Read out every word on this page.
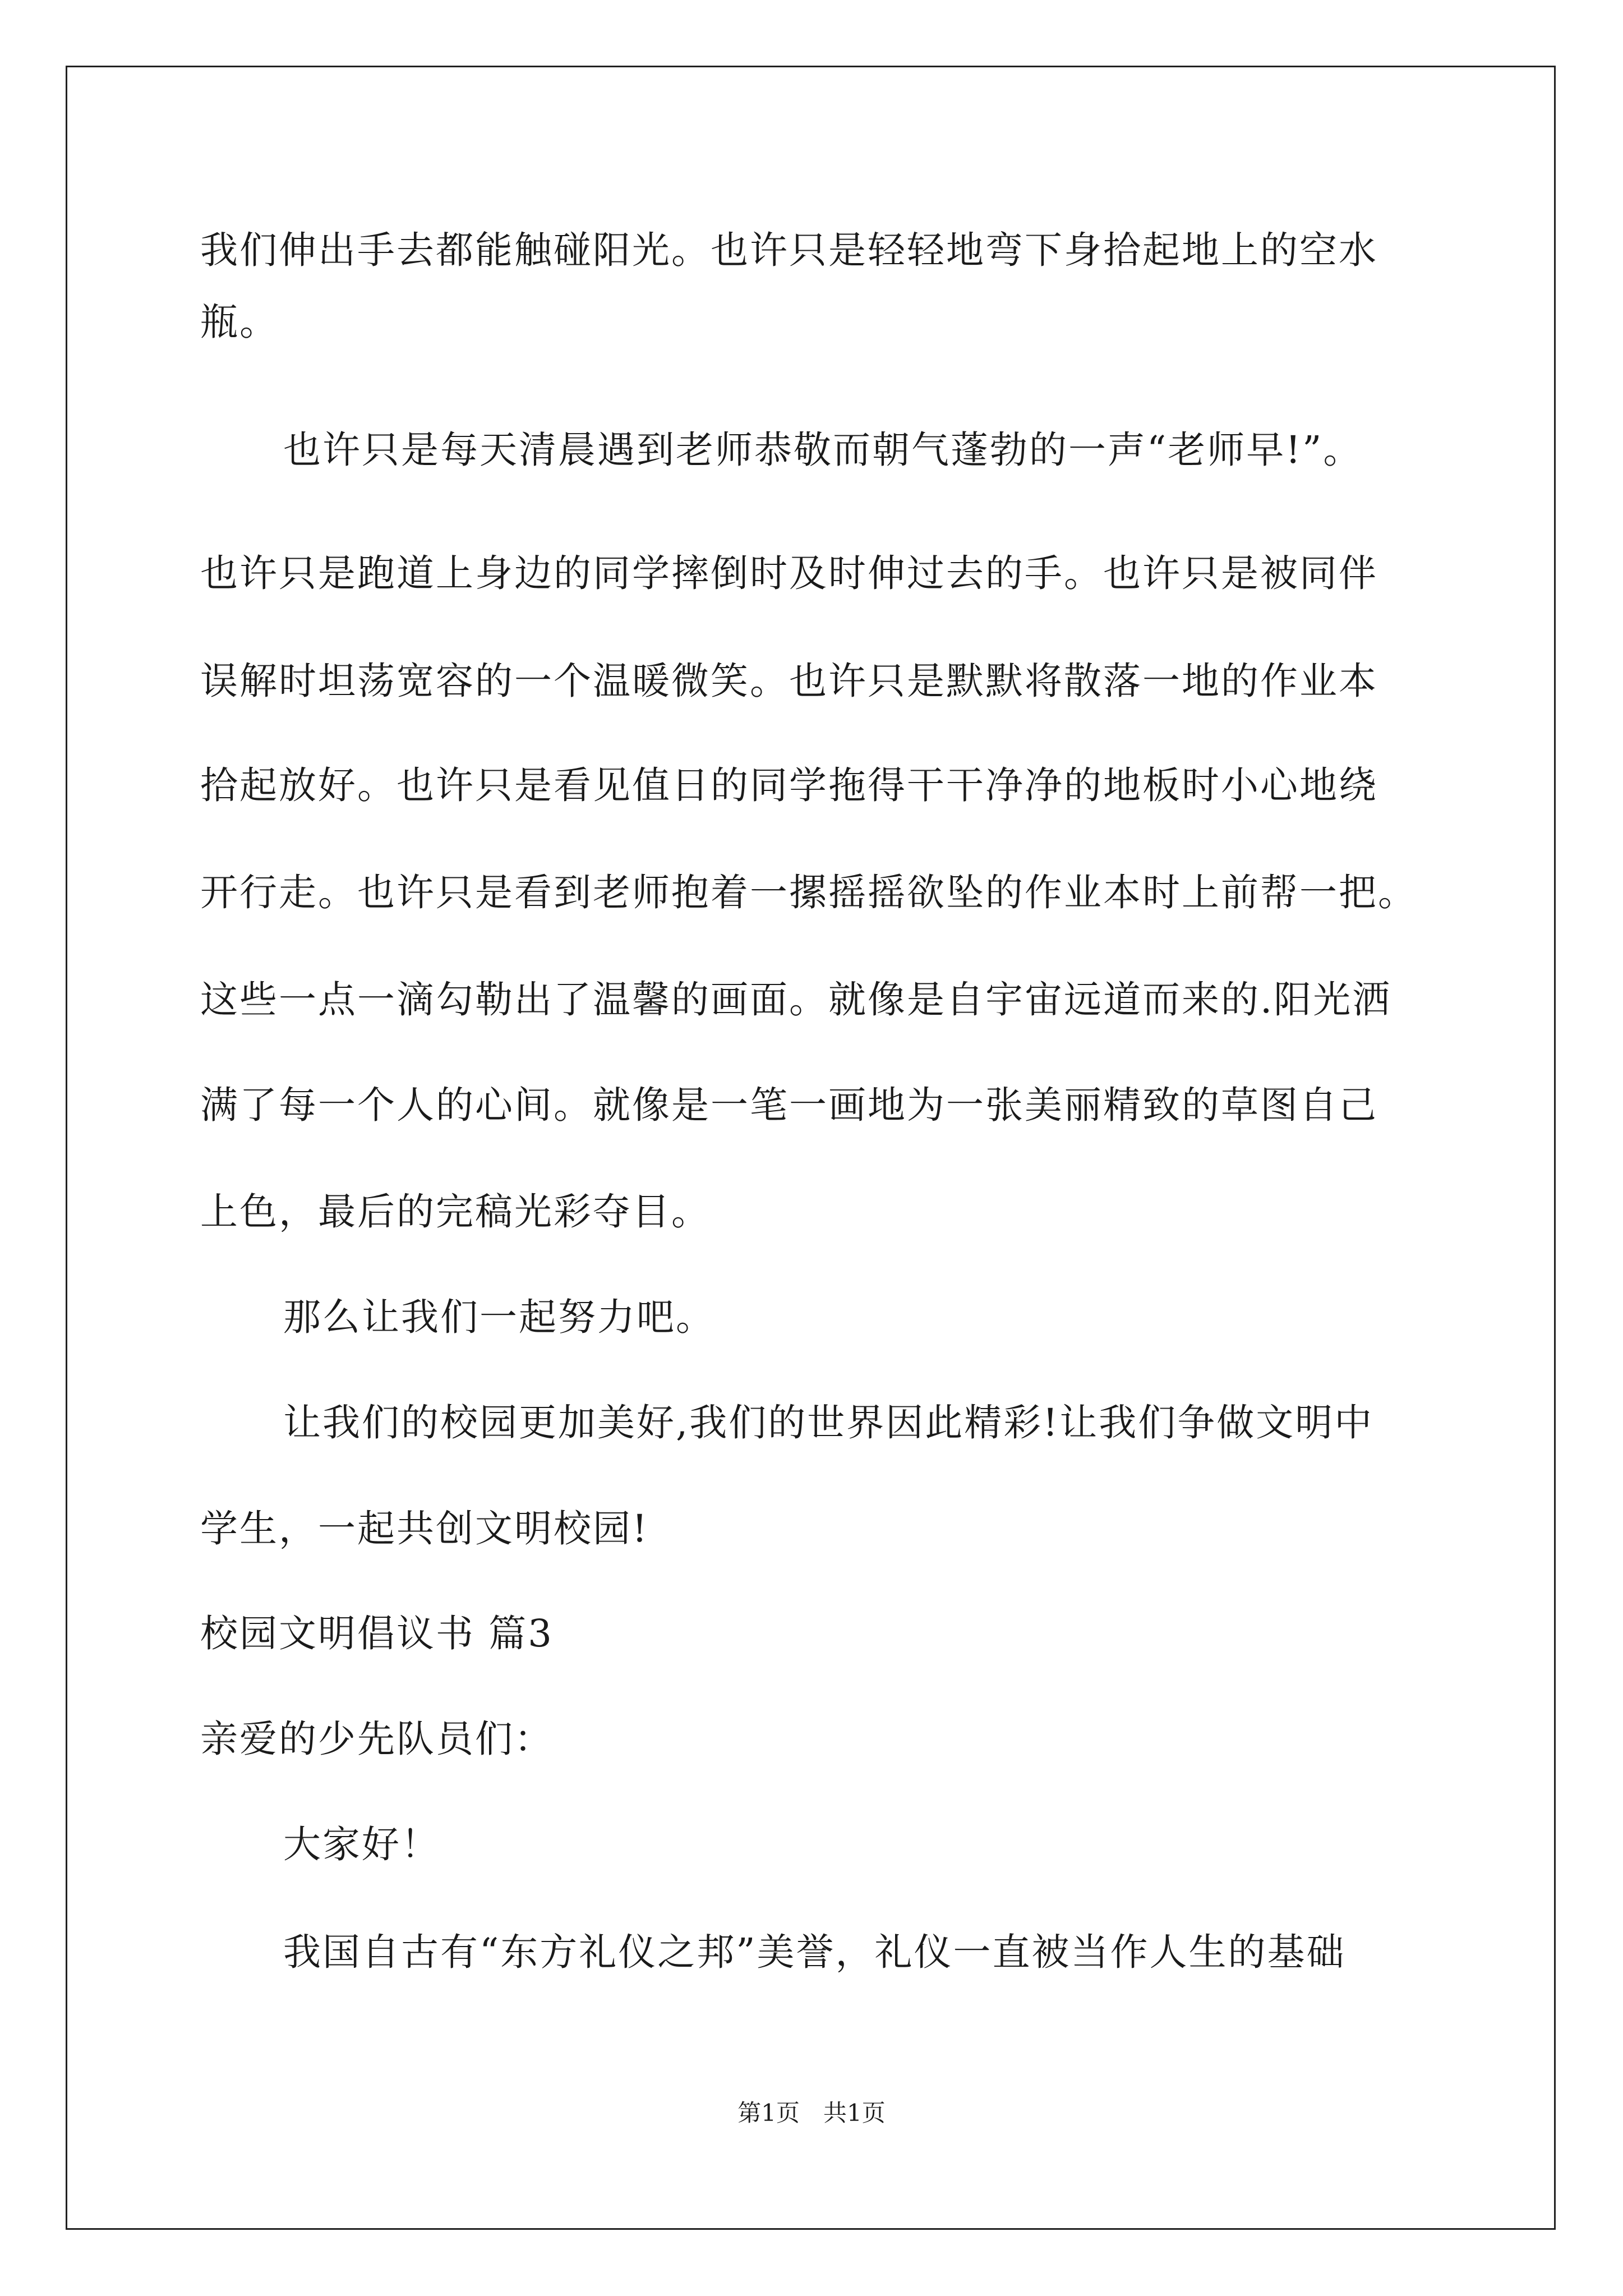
我们伸出手去都能触碰阳光。也许只是轻轻地弯下身拾起地上的空水
瓶。
也许只是每天清晨遇到老师恭敬而朝气蓬勃的一声“老师早!”。
也许只是跑道上身边的同学摔倒时及时伸过去的手。也许只是被同伴
误解时坦荡宽容的一个温暖微笑。也许只是默默将散落一地的作业本
拾起放好。也许只是看见值日的同学拖得干干净净的地板时小心地绕
开行走。也许只是看到老师抱着一摞摇摇欲坠的作业本时上前帮一把。
这些一点一滴勾勒出了温馨的画面。就像是自宇宙远道而来的.阳光洒
满了每一个人的心间。就像是一笔一画地为一张美丽精致的草图自己
上色，最后的完稿光彩夺目。
那么让我们一起努力吧。
让我们的校园更加美好,我们的世界因此精彩!让我们争做文明中
学生，一起共创文明校园!
校园文明倡议书 篇3
亲爱的少先队员们：
大家好！
我国自古有“东方礼仪之邦”美誉，礼仪一直被当作人生的基础
第1页　共1页
